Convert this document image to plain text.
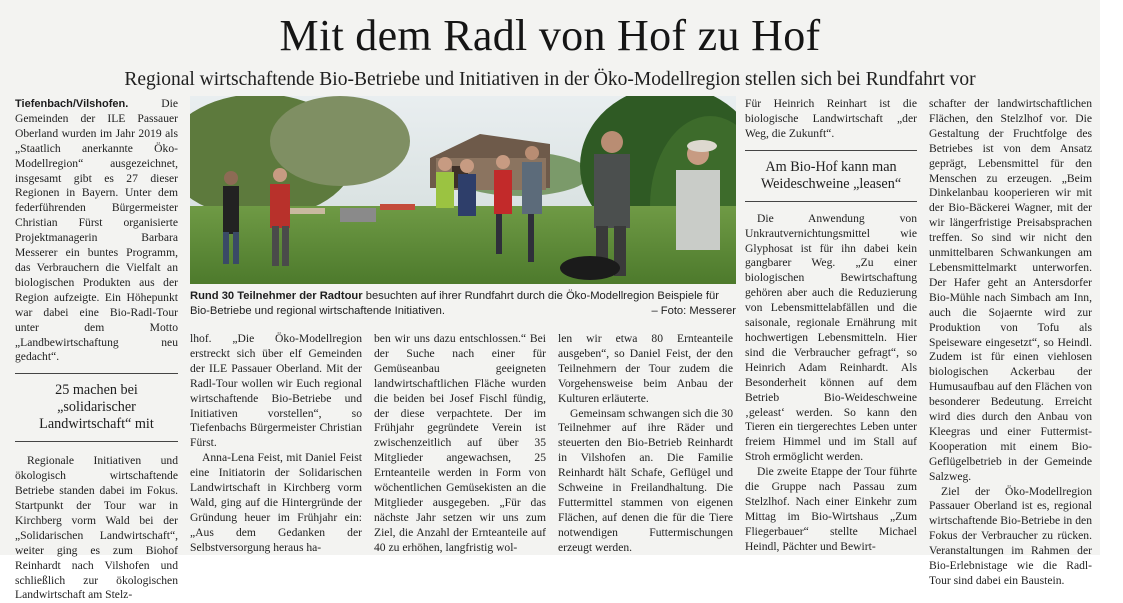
Mit dem Radl von Hof zu Hof
Regional wirtschaftende Bio-Betriebe und Initiativen in der Öko-Modellregion stellen sich bei Rundfahrt vor

Tiefenbach/Vilshofen.	Die Gemeinden der ILE Passauer Oberland wurden im Jahr 2019 als „Staatlich anerkannte Öko-Modellregion“ ausgezeichnet, insgesamt gibt es 27 dieser Regionen in Bayern. Unter dem federführenden Bürgermeister Christian Fürst organisierte Projektmanagerin Barbara Messerer ein buntes Programm, das Verbrauchern die Vielfalt an biologischen Produkten aus der Region aufzeigte. Ein Höhepunkt war dabei eine Bio-Radl-Tour unter dem Motto „Landbewirtschaftung neu gedacht“.

25 machen bei „solidarischer Landwirtschaft“ mit

Regionale Initiativen und ökologisch wirtschaftende Betriebe standen dabei im Fokus. Startpunkt der Tour war in Kirchberg vorm Wald bei der „Solidarischen Landwirtschaft“, weiter ging es zum Biohof Reinhardt nach Vilshofen und schließlich zur ökologischen Landwirtschaft am Stelz-

Rund 30 Teilnehmer der Radtour besuchten auf ihrer Rundfahrt durch die Öko-Modellregion Beispiele für Bio-Betriebe und regional wirtschaftende Initiativen.	– Foto: Messerer

lhof. „Die Öko-Modellregion erstreckt sich über elf Gemeinden der ILE Passauer Oberland. Mit der Radl-Tour wollen wir Euch regional wirtschaftende Bio-Betriebe und Initiativen vorstellen“, so Tiefenbachs Bürgermeister Christian Fürst.

Anna-Lena Feist, mit Daniel Feist eine Initiatorin der Solidarischen Landwirtschaft in Kirchberg vorm Wald, ging auf die Hintergründe der Gründung heuer im Frühjahr ein: „Aus dem Gedanken der Selbstversorgung heraus ha-

ben wir uns dazu entschlossen.“ Bei der Suche nach einer für Gemüseanbau geeigneten landwirtschaftlichen Fläche wurden die beiden bei Josef Fischl fündig, der diese verpachtete. Der im Frühjahr gegründete Verein ist zwischenzeitlich auf über 35 Mitglieder angewachsen, 25 Ernteanteile werden in Form von wöchentlichen Gemüsekisten an die Mitglieder ausgegeben. „Für das nächste Jahr setzen wir uns zum Ziel, die Anzahl der Ernteanteile auf 40 zu erhöhen, langfristig wol-

len wir etwa 80 Ernteanteile ausgeben“, so Daniel Feist, der den Teilnehmern der Tour zudem die Vorgehensweise beim Anbau der Kulturen erläuterte.

Gemeinsam schwangen sich die 30 Teilnehmer auf ihre Räder und steuerten den Bio-Betrieb Reinhardt in Vilshofen an. Die Familie Reinhardt hält Schafe, Geflügel und Schweine in Freilandhaltung. Die Futtermittel stammen von eigenen Flächen, auf denen die für die Tiere notwendigen Futtermischungen erzeugt werden.

Für Heinrich Reinhart ist die biologische Landwirtschaft „der Weg, die Zukunft“.

Am Bio-Hof kann man Weideschweine „leasen“

Die Anwendung von Unkrautvernichtungsmittel wie Glyphosat ist für ihn dabei kein gangbarer Weg. „Zu einer biologischen Bewirtschaftung gehören aber auch die Reduzierung von Lebensmittelabfällen und die saisonale, regionale Ernährung mit hochwertigen Lebensmitteln. Hier sind die Verbraucher gefragt“, so Heinrich Adam Reinhardt. Als Besonderheit können auf dem Betrieb Bio-Weideschweine ‚geleast‘ werden. So kann den Tieren ein tiergerechtes Leben unter freiem Himmel und im Stall auf Stroh ermöglicht werden.

Die zweite Etappe der Tour führte die Gruppe nach Passau zum Stelzlhof. Nach einer Einkehr zum Mittag im Bio-Wirtshaus „Zum Fliegerbauer“ stellte Michael Heindl, Pächter und Bewirt-

schafter der landwirtschaftlichen Flächen, den Stelzlhof vor. Die Gestaltung der Fruchtfolge des Betriebes ist von dem Ansatz geprägt, Lebensmittel für den Menschen zu erzeugen. „Beim Dinkelanbau kooperieren wir mit der Bio-Bäckerei Wagner, mit der wir längerfristige Preisabsprachen treffen. So sind wir nicht den unmittelbaren Schwankungen am Lebensmittelmarkt unterworfen. Der Hafer geht an Antersdorfer Bio-Mühle nach Simbach am Inn, auch die Sojaernte wird zur Produktion von Tofu als Speiseware eingesetzt“, so Heindl. Zudem ist für einen viehlosen biologischen Ackerbau der Humusaufbau auf den Flächen von besonderer Bedeutung. Erreicht wird dies durch den Anbau von Kleegras und einer Futtermist-Kooperation mit einem Bio-Geflügelbetrieb in der Gemeinde Salzweg.

Ziel der Öko-Modellregion Passauer Oberland ist es, regional wirtschaftende Bio-Betriebe in den Fokus der Verbraucher zu rücken. Veranstaltungen im Rahmen der Bio-Erlebnistage wie die Radl-Tour sind dabei ein Baustein.
